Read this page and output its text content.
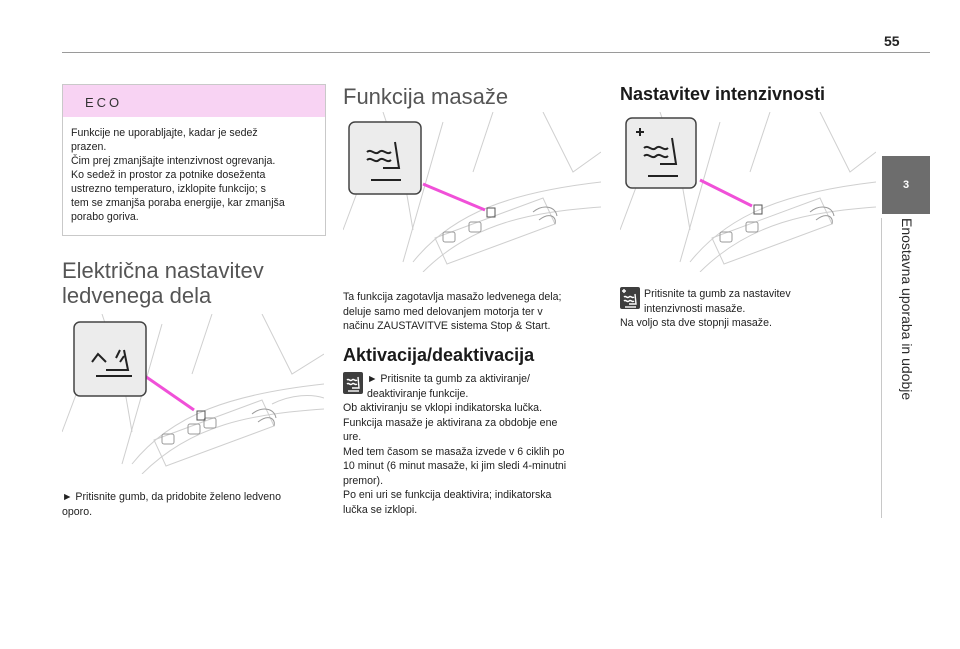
55
3
Enostavna uporaba in udobje
ECO

Funkcije ne uporabljajte, kadar je sedež

prazen.

Čim prej zmanjšajte intenzivnost ogrevanja.

Ko sedež in prostor za potnike doseženta

ustrezno temperaturo, izklopite funkcijo; s

tem se zmanjša poraba energije, kar zmanjša

porabo goriva.

Električna nastavitev
ledvenega dela

► Pritisnite gumb, da pridobite želeno ledveno

oporo.

Funkcija masaže

Ta funkcija zagotavlja masažo ledvenega dela;

deluje samo med delovanjem motorja ter v

načinu ZAUSTAVITVE sistema Stop & Start.

Aktivacija/deaktivacija

► Pritisnite ta gumb za aktiviranje/

deaktiviranje funkcije.

Ob aktiviranju se vklopi indikatorska lučka.

Funkcija masaže je aktivirana za obdobje ene

ure.

Med tem časom se masaža izvede v 6 ciklih po

10 minut (6 minut masaže, ki jim sledi 4-minutni

premor).

Po eni uri se funkcija deaktivira; indikatorska

lučka se izklopi.

Nastavitev intenzivnosti

Pritisnite ta gumb za nastavitev

intenzivnosti masaže.

Na voljo sta dve stopnji masaže.
